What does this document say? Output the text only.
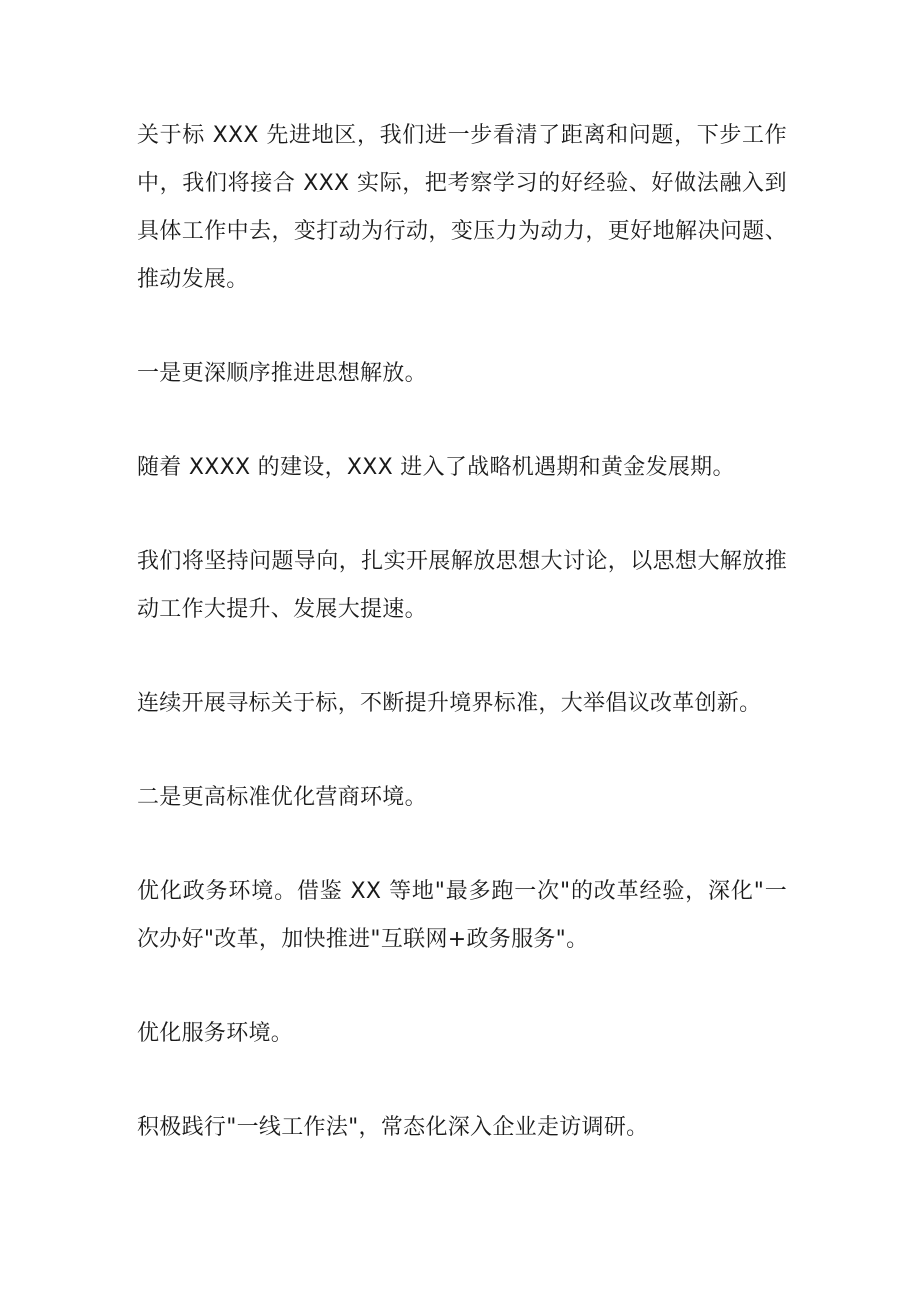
关于标 XXX 先进地区，我们进一步看清了距离和问题，下步工作中，我们将接合 XXX 实际，把考察学习的好经验、好做法融入到具体工作中去，变打动为行动，变压力为动力，更好地解决问题、推动发展。

一是更深顺序推进思想解放。

随着 XXXX 的建设，XXX 进入了战略机遇期和黄金发展期。

我们将坚持问题导向，扎实开展解放思想大讨论，以思想大解放推动工作大提升、发展大提速。

连续开展寻标关于标，不断提升境界标准，大举倡议改革创新。

二是更高标准优化营商环境。

优化政务环境。借鉴 XX 等地"最多跑一次"的改革经验，深化"一次办好"改革，加快推进"互联网+政务服务"。

优化服务环境。

积极践行"一线工作法"，常态化深入企业走访调研。
